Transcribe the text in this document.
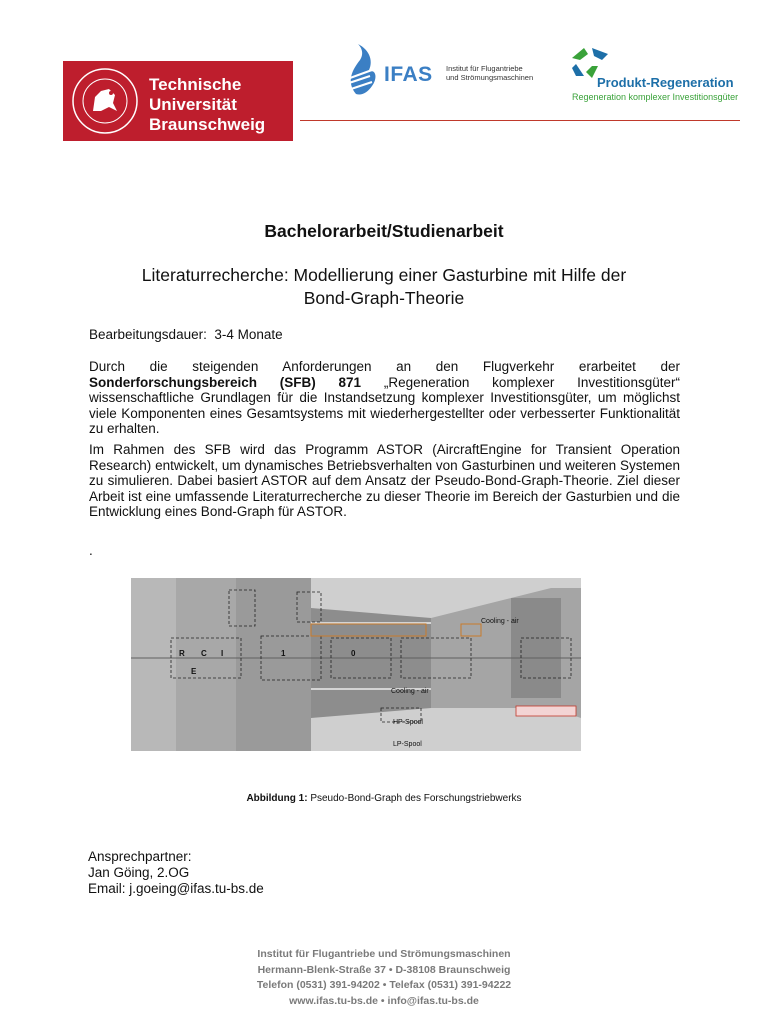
Technische
Universität
Braunschweig
IFAS Institut für Flugantriebe
und Strömungsmaschinen	Produkt-Regeneration
Regeneration komplexer Investitionsgüter
Bachelorarbeit/Studienarbeit
Literaturrecherche: Modellierung einer Gasturbine mit Hilfe der
Bond-Graph-Theorie
Bearbeitungsdauer: 3-4 Monate
Durch die steigenden Anforderungen an den Flugverkehr erarbeitet der Sonderforschungsbereich (SFB) 871 „Regeneration komplexer Investitionsgüter“ wissenschaftliche Grundlagen für die Instandsetzung komplexer Investitionsgüter, um möglichst viele Komponenten eines Gesamtsystems mit wiederhergestellter oder verbesserter Funktionalität zu erhalten.
Im Rahmen des SFB wird das Programm ASTOR (AircraftEngine for Transient Operation Research) entwickelt, um dynamisches Betriebsverhalten von Gasturbinen und weiteren Systemen zu simulieren. Dabei basiert ASTOR auf dem Ansatz der Pseudo-Bond-Graph-Theorie. Ziel dieser Arbeit ist eine umfassende Literaturrecherche zu dieser Theorie im Bereich der Gasturbien und die Entwicklung eines Bond-Graph für ASTOR.
.
Cooling - air
Cooling - air
HP-Spool
LP-Spool
R C I
E
1	0
Abbildung 1: Pseudo-Bond-Graph des Forschungstriebwerks
Ansprechpartner:
Jan Göing, 2.OG
Email: j.goeing@ifas.tu-bs.de
Institut für Flugantriebe und Strömungsmaschinen
Hermann-Blenk-Straße 37 • D-38108 Braunschweig
Telefon (0531) 391-94202 • Telefax (0531) 391-94222
www.ifas.tu-bs.de • info@ifas.tu-bs.de
